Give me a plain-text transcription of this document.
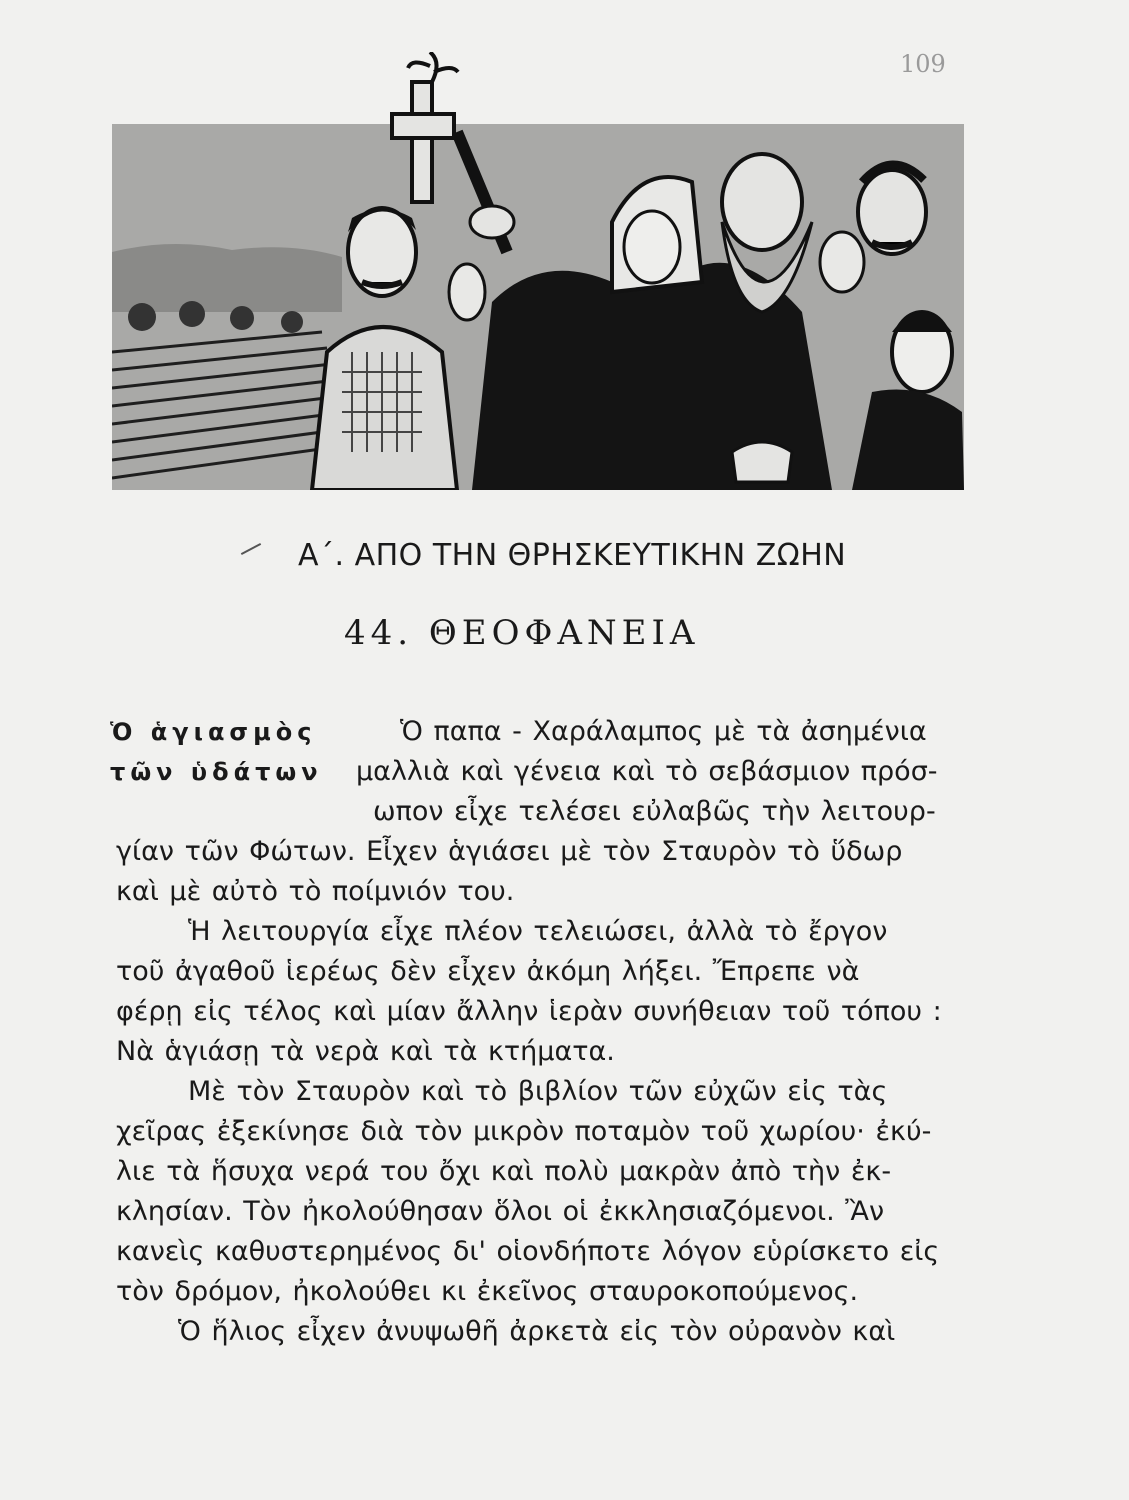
109
Α΄. ΑΠΟ ΤΗΝ ΘΡΗΣΚΕΥΤΙΚΗΝ ΖΩΗΝ
44. ΘΕΟΦΑΝΕΙΑ
Ὁ ἁγιασμὸς
τῶν ὑδάτων
Ὁ παπα - Χαράλαμπος μὲ τὰ ἀσημένια
μαλλιὰ καὶ γένεια καὶ τὸ σεβάσμιον πρόσ-
ωπον εἶχε τελέσει εὐλαβῶς τὴν λειτουρ-
γίαν τῶν Φώτων. Εἶχεν ἁγιάσει μὲ τὸν Σταυρὸν τὸ ὕδωρ
καὶ μὲ αὐτὸ τὸ ποίμνιόν του.
Ἡ λειτουργία εἶχε πλέον τελειώσει, ἀλλὰ τὸ ἔργον
τοῦ ἀγαθοῦ ἱερέως δὲν εἶχεν ἀκόμη λήξει. Ἔπρεπε νὰ
φέρῃ εἰς τέλος καὶ μίαν ἄλλην ἱερὰν συνήθειαν τοῦ τόπου :
Νὰ ἁγιάσῃ τὰ νερὰ καὶ τὰ κτήματα.
Μὲ τὸν Σταυρὸν καὶ τὸ βιβλίον τῶν εὐχῶν εἰς τὰς
χεῖρας ἐξεκίνησε διὰ τὸν μικρὸν ποταμὸν τοῦ χωρίου· ἐκύ-
λιε τὰ ἥσυχα νερά του ὄχι καὶ πολὺ μακρὰν ἀπὸ τὴν ἐκ-
κλησίαν. Τὸν ἠκολούθησαν ὅλοι οἱ ἐκκλησιαζόμενοι. Ἂν
κανεὶς καθυστερημένος δι' οἱονδήποτε λόγον εὑρίσκετο εἰς
τὸν δρόμον, ἠκολούθει κι ἐκεῖνος σταυροκοπούμενος.
Ὁ ἥλιος εἶχεν ἀνυψωθῆ ἀρκετὰ εἰς τὸν οὐρανὸν καὶ
